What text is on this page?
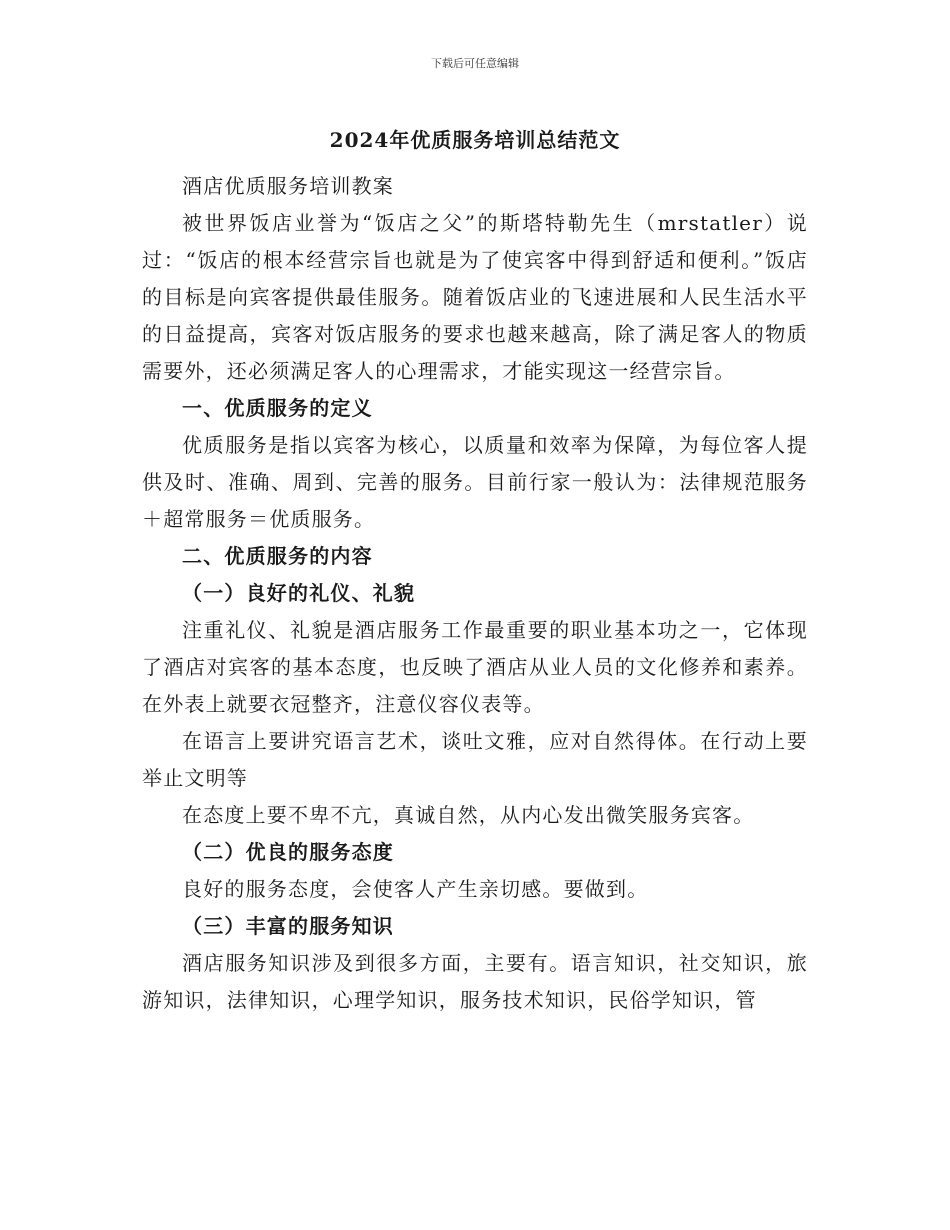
下载后可任意编辑
2024年优质服务培训总结范文

酒店优质服务培训教案

被世界饭店业誉为“饭店之父”的斯塔特勒先生（mrstatler）说过：“饭店的根本经营宗旨也就是为了使宾客中得到舒适和便利。”饭店的目标是向宾客提供最佳服务。随着饭店业的飞速进展和人民生活水平的日益提高，宾客对饭店服务的要求也越来越高，除了满足客人的物质需要外，还必须满足客人的心理需求，才能实现这一经营宗旨。

一、优质服务的定义

优质服务是指以宾客为核心，以质量和效率为保障，为每位客人提供及时、准确、周到、完善的服务。目前行家一般认为：法律规范服务＋超常服务＝优质服务。

二、优质服务的内容

（一）良好的礼仪、礼貌

注重礼仪、礼貌是酒店服务工作最重要的职业基本功之一，它体现了酒店对宾客的基本态度，也反映了酒店从业人员的文化修养和素养。在外表上就要衣冠整齐，注意仪容仪表等。

在语言上要讲究语言艺术，谈吐文雅，应对自然得体。在行动上要举止文明等

在态度上要不卑不亢，真诚自然，从内心发出微笑服务宾客。

（二）优良的服务态度

良好的服务态度，会使客人产生亲切感。要做到。

（三）丰富的服务知识

酒店服务知识涉及到很多方面，主要有。语言知识，社交知识，旅游知识，法律知识，心理学知识，服务技术知识，民俗学知识，管
